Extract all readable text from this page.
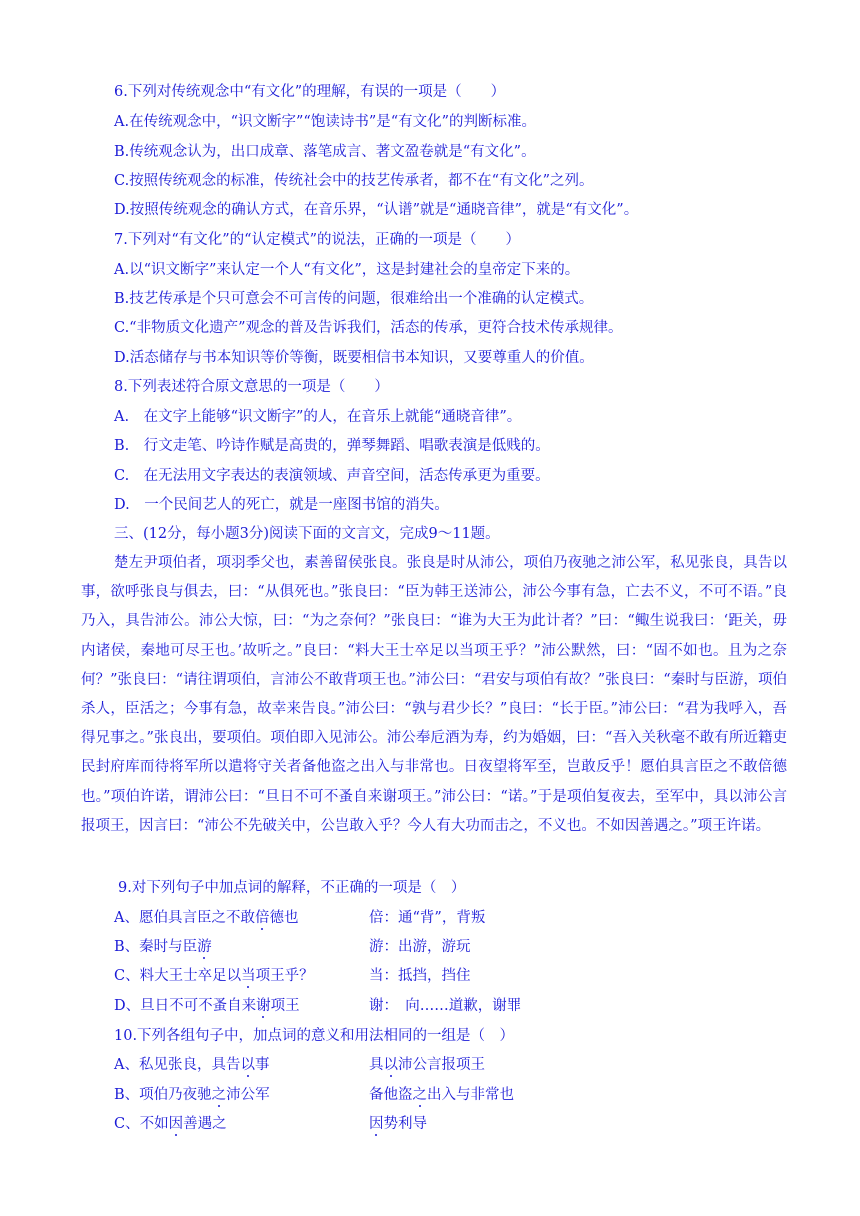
6.下列对传统观念中“有文化”的理解，有误的一项是（　　）
A.在传统观念中，“识文断字”“饱读诗书”是“有文化”的判断标准。
B.传统观念认为，出口成章、落笔成言、著文盈卷就是“有文化”。
C.按照传统观念的标准，传统社会中的技艺传承者，都不在“有文化”之列。
D.按照传统观念的确认方式，在音乐界，“认谱”就是“通晓音律”，就是“有文化”。
7.下列对“有文化”的“认定模式”的说法，正确的一项是（　　）
A.以“识文断字”来认定一个人“有文化”，这是封建社会的皇帝定下来的。
B.技艺传承是个只可意会不可言传的问题，很难给出一个准确的认定模式。
C.“非物质文化遗产”观念的普及告诉我们，活态的传承，更符合技术传承规律。
D.活态储存与书本知识等价等衡，既要相信书本知识，又要尊重人的价值。
8.下列表述符合原文意思的一项是（　　）
A.　在文字上能够“识文断字”的人，在音乐上就能“通晓音律”。
B.　行文走笔、吟诗作赋是高贵的，弹琴舞蹈、唱歌表演是低贱的。
C.　在无法用文字表达的表演领域、声音空间，活态传承更为重要。
D.　一个民间艺人的死亡，就是一座图书馆的消失。
三、(12分，每小题3分)阅读下面的文言文，完成9～11题。
楚左尹项伯者，项羽季父也，素善留侯张良。张良是时从沛公，项伯乃夜驰之沛公军，私见张良，具告以事，欲呼张良与俱去，曰：“从俱死也。”张良曰：“臣为韩王送沛公，沛公今事有急，亡去不义，不可不语。”良乃入，具告沛公。沛公大惊，曰：“为之奈何？”张良曰：“谁为大王为此计者？”曰：“鲰生说我曰：‘距关，毋内诸侯，秦地可尽王也。’故听之。”良曰：“料大王士卒足以当项王乎？”沛公默然，曰：“固不如也。且为之奈何？”张良曰：“请往谓项伯，言沛公不敢背项王也。”沛公曰：“君安与项伯有故？”张良曰：“秦时与臣游，项伯杀人，臣活之；今事有急，故幸来告良。”沛公曰：“孰与君少长？”良曰：“长于臣。”沛公曰：“君为我呼入，吾得兄事之。”张良出，要项伯。项伯即入见沛公。沛公奉卮酒为寿，约为婚姻，曰：“吾入关秋毫不敢有所近籍吏民封府库而待将军所以遣将守关者备他盗之出入与非常也。日夜望将军至，岂敢反乎！愿伯具言臣之不敢倍德也。”项伯许诺，谓沛公曰：“旦日不可不蚤自来谢项王。”沛公曰：“诺。”于是项伯复夜去，至军中，具以沛公言报项王，因言曰：“沛公不先破关中，公岂敢入乎？今人有大功而击之，不义也。不如因善遇之。”项王许诺。
9.对下列句子中加点词的解释，不正确的一项是（　）
A、愿伯具言臣之不敢倍德也	倍：通“背”，背叛
B、秦时与臣游	游：出游，游玩
C、料大王士卒足以当项王乎？	当：抵挡，挡住
D、旦日不可不蚤自来谢项王	谢：　向……道歉，谢罪
10.下列各组句子中，加点词的意义和用法相同的一组是（　）
A、私见张良，具告以事	具以沛公言报项王
B、项伯乃夜驰之沛公军	备他盗之出入与非常也
C、不如因善遇之	因势利导
